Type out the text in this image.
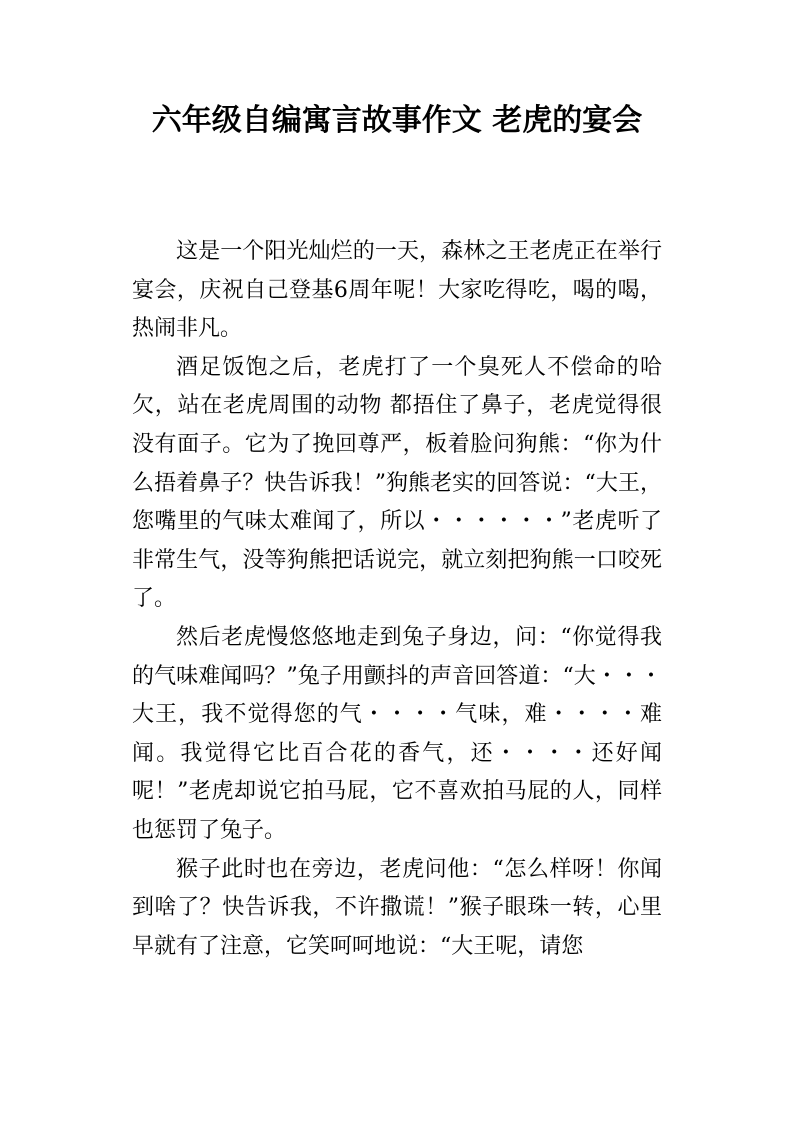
六年级自编寓言故事作文 老虎的宴会

这是一个阳光灿烂的一天，森林之王老虎正在举行宴会，庆祝自己登基6周年呢！大家吃得吃，喝的喝，热闹非凡。

酒足饭饱之后，老虎打了一个臭死人不偿命的哈欠，站在老虎周围的动物 都捂住了鼻子，老虎觉得很没有面子。它为了挽回尊严，板着脸问狗熊：“你为什么捂着鼻子？快告诉我！”狗熊老实的回答说：“大王，您嘴里的气味太难闻了，所以・・・・・・”老虎听了非常生气，没等狗熊把话说完，就立刻把狗熊一口咬死了。

然后老虎慢悠悠地走到兔子身边，问：“你觉得我的气味难闻吗？”兔子用颤抖的声音回答道：“大・・・大王，我不觉得您的气・・・・气味，难・・・・难闻。我觉得它比百合花的香气，还・・・・还好闻呢！”老虎却说它拍马屁，它不喜欢拍马屁的人，同样也惩罚了兔子。

猴子此时也在旁边，老虎问他：“怎么样呀！你闻到啥了？快告诉我，不许撒谎！”猴子眼珠一转，心里早就有了注意，它笑呵呵地说：“大王呢，请您
